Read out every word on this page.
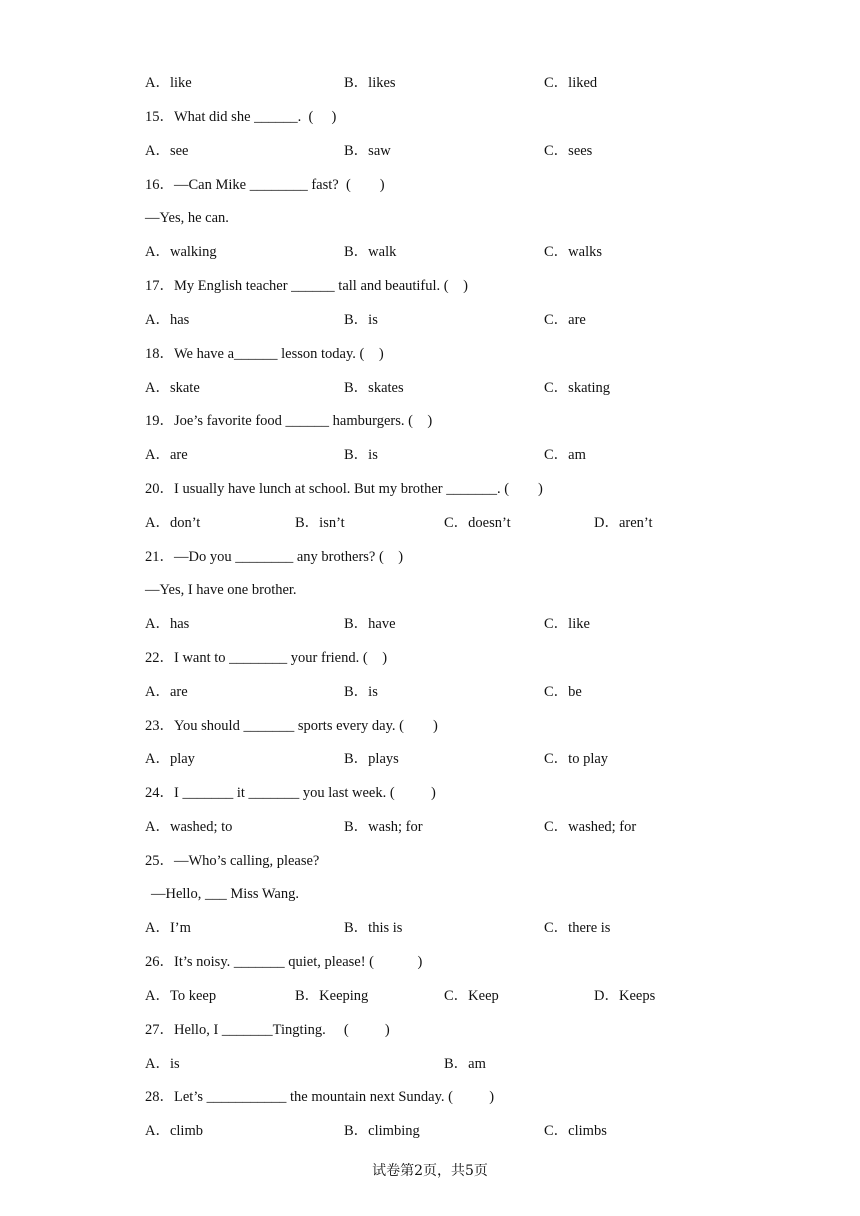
A．like	B．likes	C．liked
15．What did she ______.  (     )
A．see	B．saw	C．sees
16．—Can Mike ________ fast?  (        )
—Yes, he can.
A．walking	B．walk	C．walks
17．My English teacher ______ tall and beautiful. (    )
A．has	B．is	C．are
18．We have a______ lesson today. (    )
A．skate	B．skates	C．skating
19．Joe’s favorite food ______ hamburgers. (    )
A．are	B．is	C．am
20．I usually have lunch at school. But my brother _______. (        )
A．don’t	B．isn’t	C．doesn’t	D．aren’t
21．—Do you ________ any brothers? (    )
—Yes, I have one brother.
A．has	B．have	C．like
22．I want to ________ your friend. (    )
A．are	B．is	C．be
23．You should _______ sports every day. (        )
A．play	B．plays	C．to play
24．I _______ it _______ you last week. (          )
A．washed; to	B．wash; for	C．washed; for
25．—Who’s calling, please?
—Hello, ___ Miss Wang.
A．I’m	B．this is	C．there is
26．It’s noisy. _______ quiet, please! (            )
A．To keep	B．Keeping	C．Keep	D．Keeps
27．Hello, I _______Tingting.     (          )
A．is	B．am
28．Let’s ___________ the mountain next Sunday. (          )
A．climb	B．climbing	C．climbs
试卷第2页，共5页
